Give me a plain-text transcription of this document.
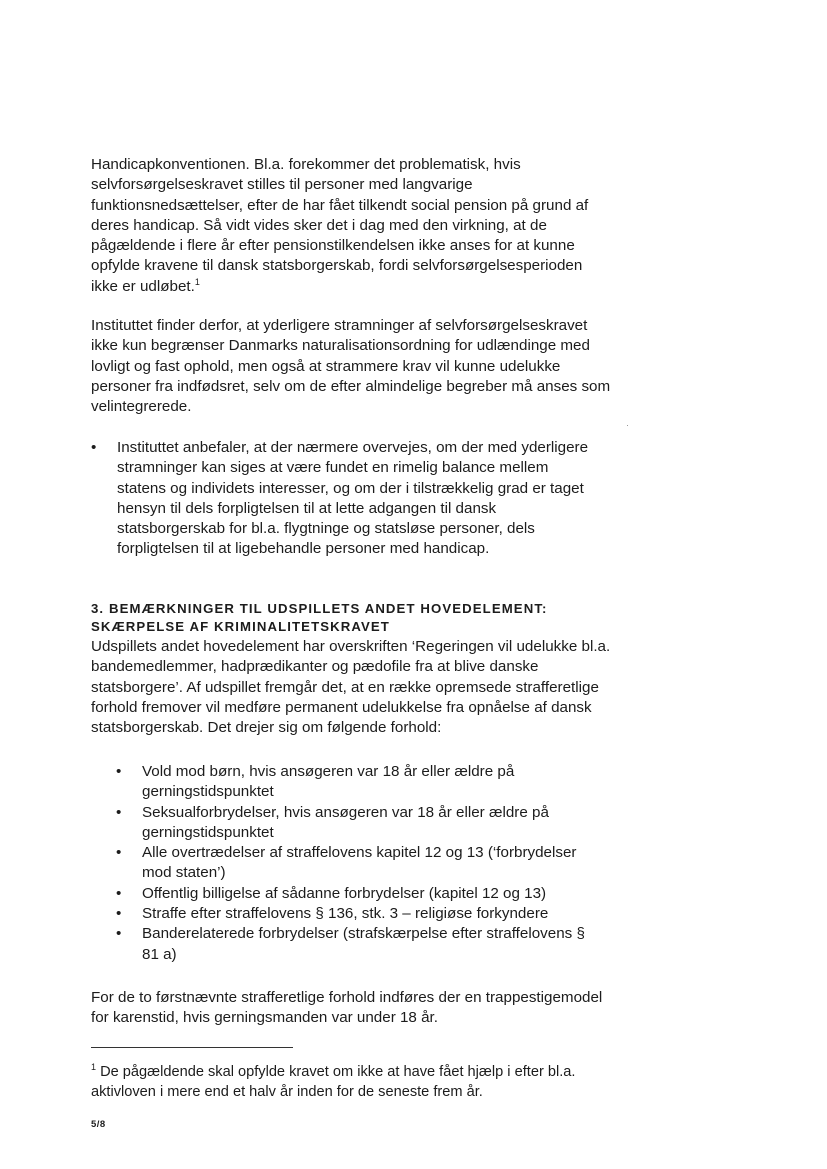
Handicapkonventionen. Bl.a. forekommer det problematisk, hvis selvforsørgelseskravet stilles til personer med langvarige funktionsnedsættelser, efter de har fået tilkendt social pension på grund af deres handicap. Så vidt vides sker det i dag med den virkning, at de pågældende i flere år efter pensionstilkendelsen ikke anses for at kunne opfylde kravene til dansk statsborgerskab, fordi selvforsørgelsesperioden ikke er udløbet.$^1$
Instituttet finder derfor, at yderligere stramninger af selvforsørgelseskravet ikke kun begrænser Danmarks naturalisationsordning for udlændinge med lovligt og fast ophold, men også at strammere krav vil kunne udelukke personer fra indfødsret, selv om de efter almindelige begreber må anses som velintegrerede.
•	Instituttet anbefaler, at der nærmere overvejes, om der med yderligere stramninger kan siges at være fundet en rimelig balance mellem statens og individets interesser, og om der i tilstrækkelig grad er taget hensyn til dels forpligtelsen til at lette adgangen til dansk statsborgerskab for bl.a. flygtninge og statsløse personer, dels forpligtelsen til at ligebehandle personer med handicap.
3. BEMÆRKNINGER TIL UDSPILLETS ANDET HOVEDELEMENT:
SKÆRPELSE AF KRIMINALITETSKRAVET
Udspillets andet hovedelement har overskriften ‘Regeringen vil udelukke bl.a. bandemedlemmer, hadprædikanter og pædofile fra at blive danske statsborgere’. Af udspillet fremgår det, at en række opremsede strafferetlige forhold fremover vil medføre permanent udelukkelse fra opnåelse af dansk statsborgerskab. Det drejer sig om følgende forhold:
• Vold mod børn, hvis ansøgeren var 18 år eller ældre på gerningstidspunktet
• Seksualforbrydelser, hvis ansøgeren var 18 år eller ældre på gerningstidspunktet
• Alle overtrædelser af straffelovens kapitel 12 og 13 (‘forbrydelser mod staten’)
• Offentlig billigelse af sådanne forbrydelser (kapitel 12 og 13)
• Straffe efter straffelovens § 136, stk. 3 – religiøse forkyndere
• Banderelaterede forbrydelser (strafskærpelse efter straffelovens § 81 a)
For de to førstnævnte strafferetlige forhold indføres der en trappestigemodel for karenstid, hvis gerningsmanden var under 18 år.
$^1$ De pågældende skal opfylde kravet om ikke at have fået hjælp i efter bl.a. aktivloven i mere end et halv år inden for de seneste frem år.
5/8
